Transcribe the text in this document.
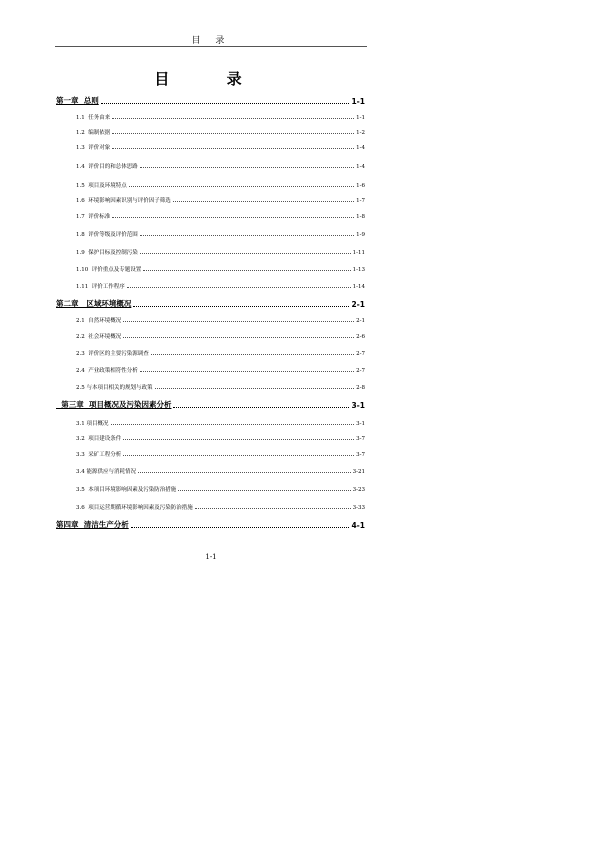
目 录
目 录
第一章  总则	1-1
1.1  任务由来	1-1
1.2  编制依据	1-2
1.3  评价对象	1-4
1.4  评价目的和总体思路	1-4
1.5  项目及环境特点	1-6
1.6  环境影响因素识别与评价因子筛选	1-7
1.7  评价标准	1-8
1.8  评价等级及评价范围	1-9
1.9  保护目标及控制污染	1-11
1.10  评价重点及专题设置	1-13
1.11  评价工作程序	1-14
第二章   区域环境概况	2-1
2.1  自然环境概况	2-1
2.2  社会环境概况	2-6
2.3  评价区的主要污染源调查	2-7
2.4  产业政策相符性分析	2-7
2.5 与本项目相关的规划与政策	2-8
第三章  项目概况及污染因素分析	3-1
3.1 项目概况	3-1
3.2  项目建设条件	3-7
3.3  采矿工程分析	3-7
3.4 能源供应与消耗情况	3-21
3.5  本项目环境影响因素及污染防治措施	3-23
3.6  项目运营期循环境影响因素及污染防治措施	3-33
第四章  清洁生产分析	4-1
1-1
